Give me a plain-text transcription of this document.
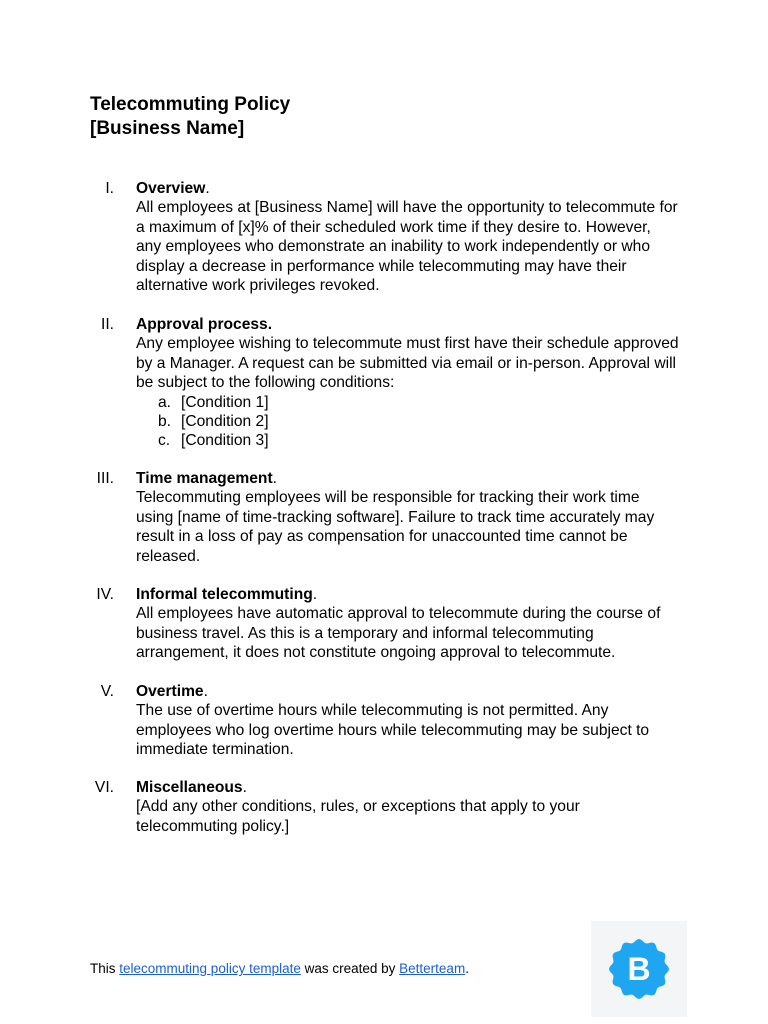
Telecommuting Policy
[Business Name]
I. Overview.
All employees at [Business Name] will have the opportunity to telecommute for a maximum of [x]% of their scheduled work time if they desire to. However, any employees who demonstrate an inability to work independently or who display a decrease in performance while telecommuting may have their alternative work privileges revoked.
II. Approval process.
Any employee wishing to telecommute must first have their schedule approved by a Manager. A request can be submitted via email or in-person. Approval will be subject to the following conditions:
a. [Condition 1]
b. [Condition 2]
c. [Condition 3]
III. Time management.
Telecommuting employees will be responsible for tracking their work time using [name of time-tracking software]. Failure to track time accurately may result in a loss of pay as compensation for unaccounted time cannot be released.
IV. Informal telecommuting.
All employees have automatic approval to telecommute during the course of business travel. As this is a temporary and informal telecommuting arrangement, it does not constitute ongoing approval to telecommute.
V. Overtime.
The use of overtime hours while telecommuting is not permitted. Any employees who log overtime hours while telecommuting may be subject to immediate termination.
VI. Miscellaneous.
[Add any other conditions, rules, or exceptions that apply to your telecommuting policy.]
This telecommuting policy template was created by Betterteam.	B
